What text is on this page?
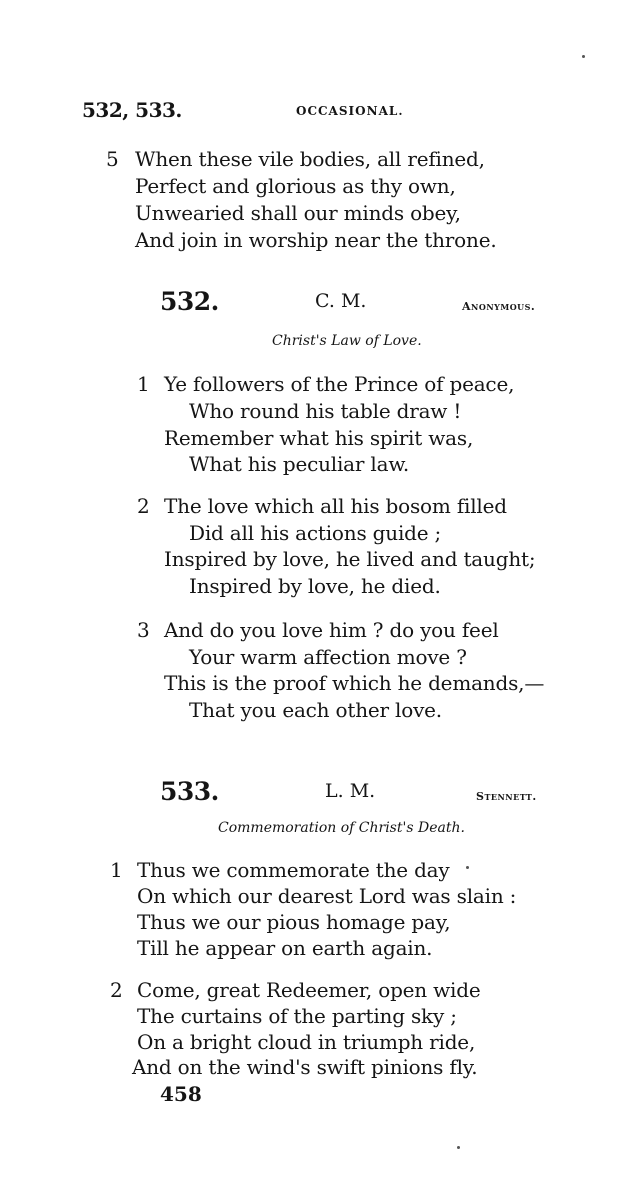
532, 533.	OCCASIONAL.
5 When these vile bodies, all refined,
Perfect and glorious as thy own,
Unwearied shall our minds obey,
And join in worship near the throne.
532.	C. M.	Anonymous.
Christ's Law of Love.
1 Ye followers of the Prince of peace,
Who round his table draw !
Remember what his spirit was,
What his peculiar law.
2 The love which all his bosom filled
Did all his actions guide ;
Inspired by love, he lived and taught;
Inspired by love, he died.
3 And do you love him ? do you feel
Your warm affection move ?
This is the proof which he demands,—
That you each other love.
533.	L. M.	Stennett.
Commemoration of Christ's Death.
1 Thus we commemorate the day
On which our dearest Lord was slain :
Thus we our pious homage pay,
Till he appear on earth again.
2 Come, great Redeemer, open wide
The curtains of the parting sky ;
On a bright cloud in triumph ride,
And on the wind's swift pinions fly.
458
